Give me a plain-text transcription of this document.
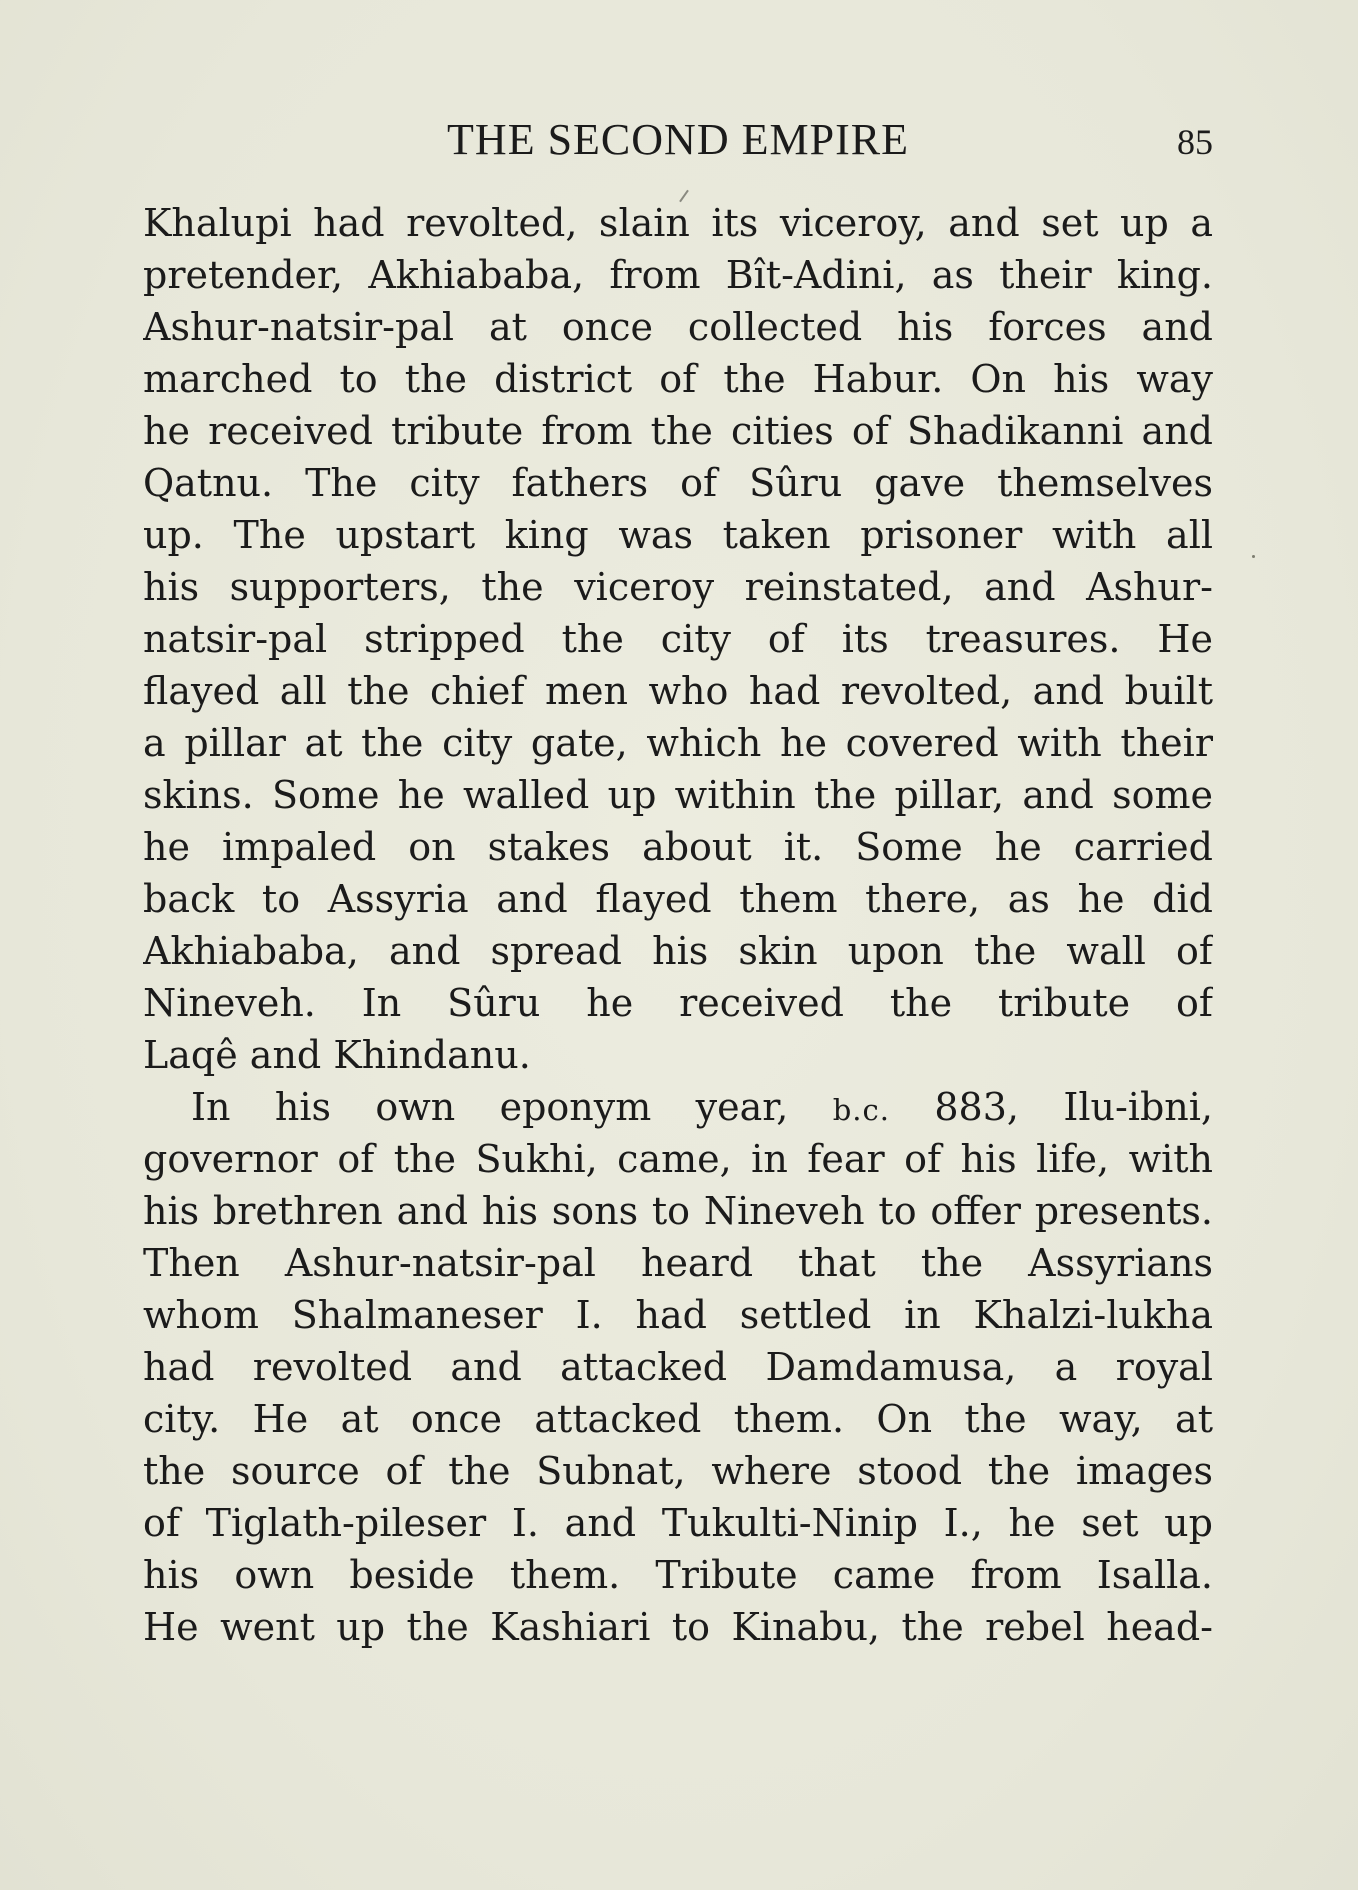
THE SECOND EMPIRE	85
Khalupi had revolted, slain its viceroy, and set up a
pretender, Akhiababa, from Bît-Adini, as their king.
Ashur-natsir-pal at once collected his forces and
marched to the district of the Habur. On his way
he received tribute from the cities of Shadikanni and
Qatnu. The city fathers of Sûru gave themselves
up. The upstart king was taken prisoner with all
his supporters, the viceroy reinstated, and Ashur-
natsir-pal stripped the city of its treasures. He
flayed all the chief men who had revolted, and built
a pillar at the city gate, which he covered with their
skins. Some he walled up within the pillar, and some
he impaled on stakes about it. Some he carried
back to Assyria and flayed them there, as he did
Akhiababa, and spread his skin upon the wall of
Nineveh. In Sûru he received the tribute of
Laqê and Khindanu.
In his own eponym year, b.c. 883, Ilu-ibni,
governor of the Sukhi, came, in fear of his life, with
his brethren and his sons to Nineveh to offer presents.
Then Ashur-natsir-pal heard that the Assyrians
whom Shalmaneser I. had settled in Khalzi-lukha
had revolted and attacked Damdamusa, a royal
city. He at once attacked them. On the way, at
the source of the Subnat, where stood the images
of Tiglath-pileser I. and Tukulti-Ninip I., he set up
his own beside them. Tribute came from Isalla.
He went up the Kashiari to Kinabu, the rebel head-
